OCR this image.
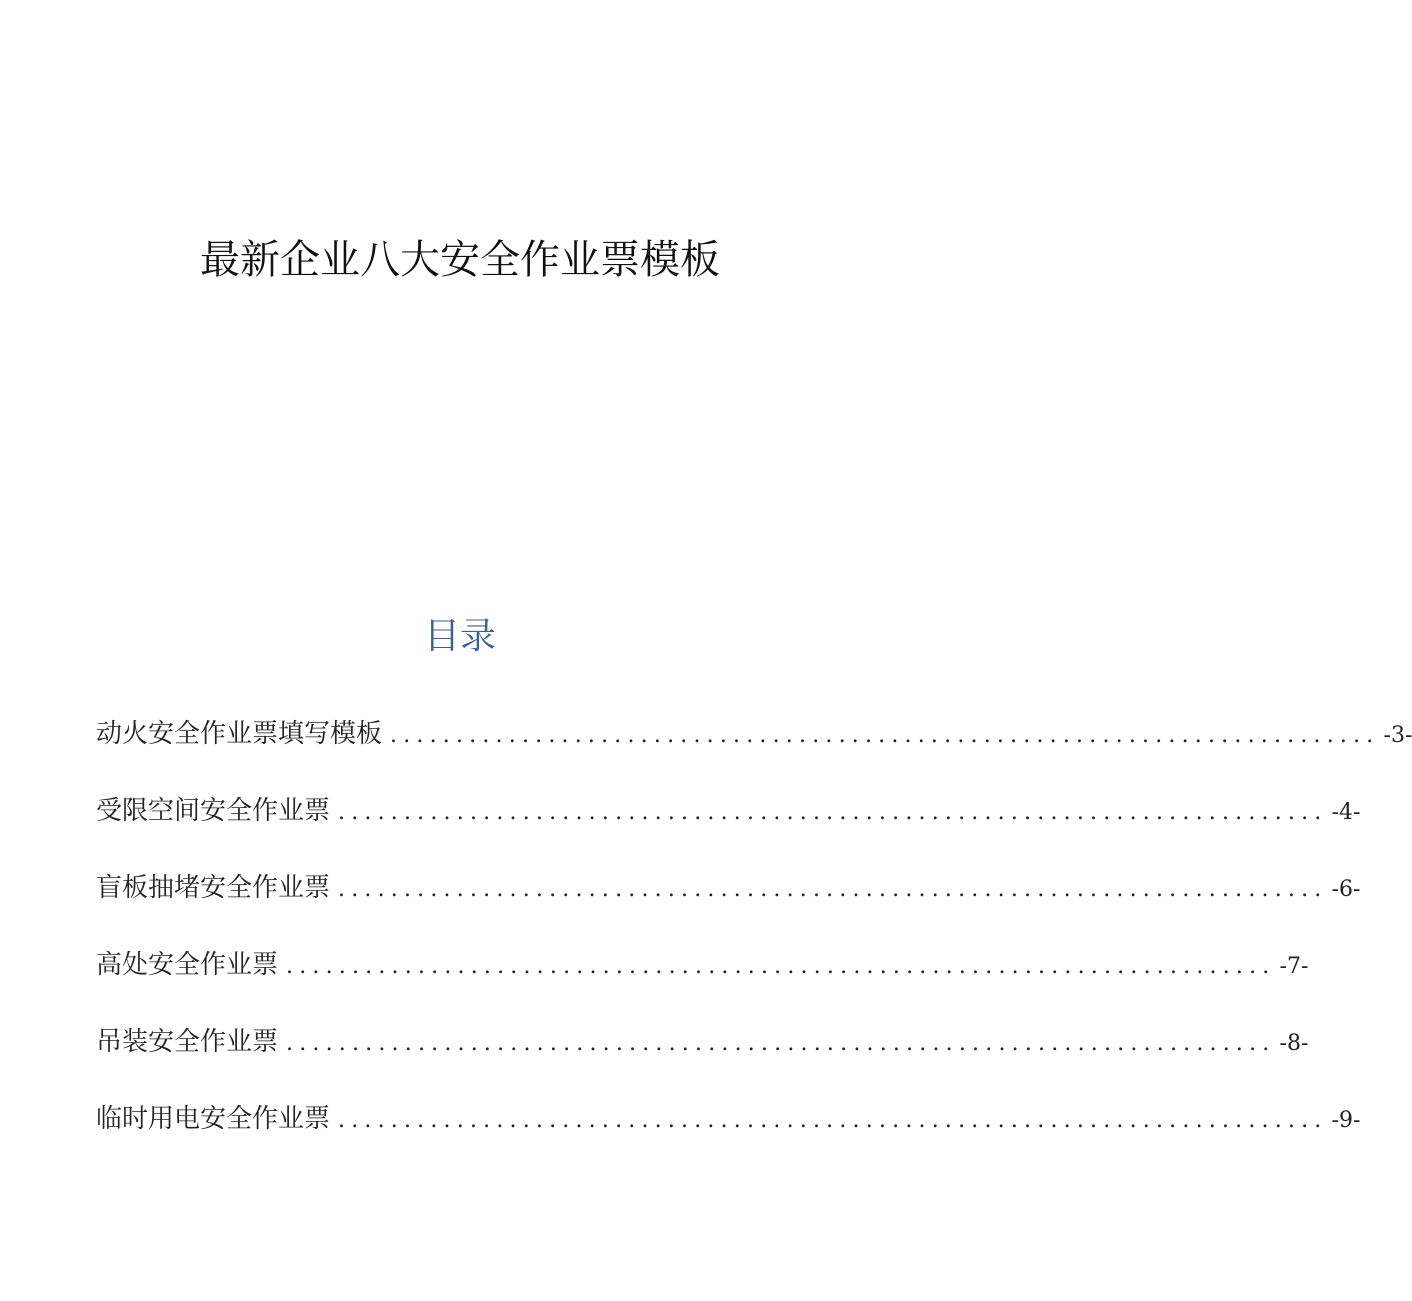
最新企业八大安全作业票模板
目录
动火安全作业票填写模板 ........................................................................... -3-
受限空间安全作业票 ........................................................................... -4-
盲板抽堵安全作业票 ........................................................................... -6-
高处安全作业票 ........................................................................... -7-
吊装安全作业票 ........................................................................... -8-
临时用电安全作业票 ........................................................................... -9-
